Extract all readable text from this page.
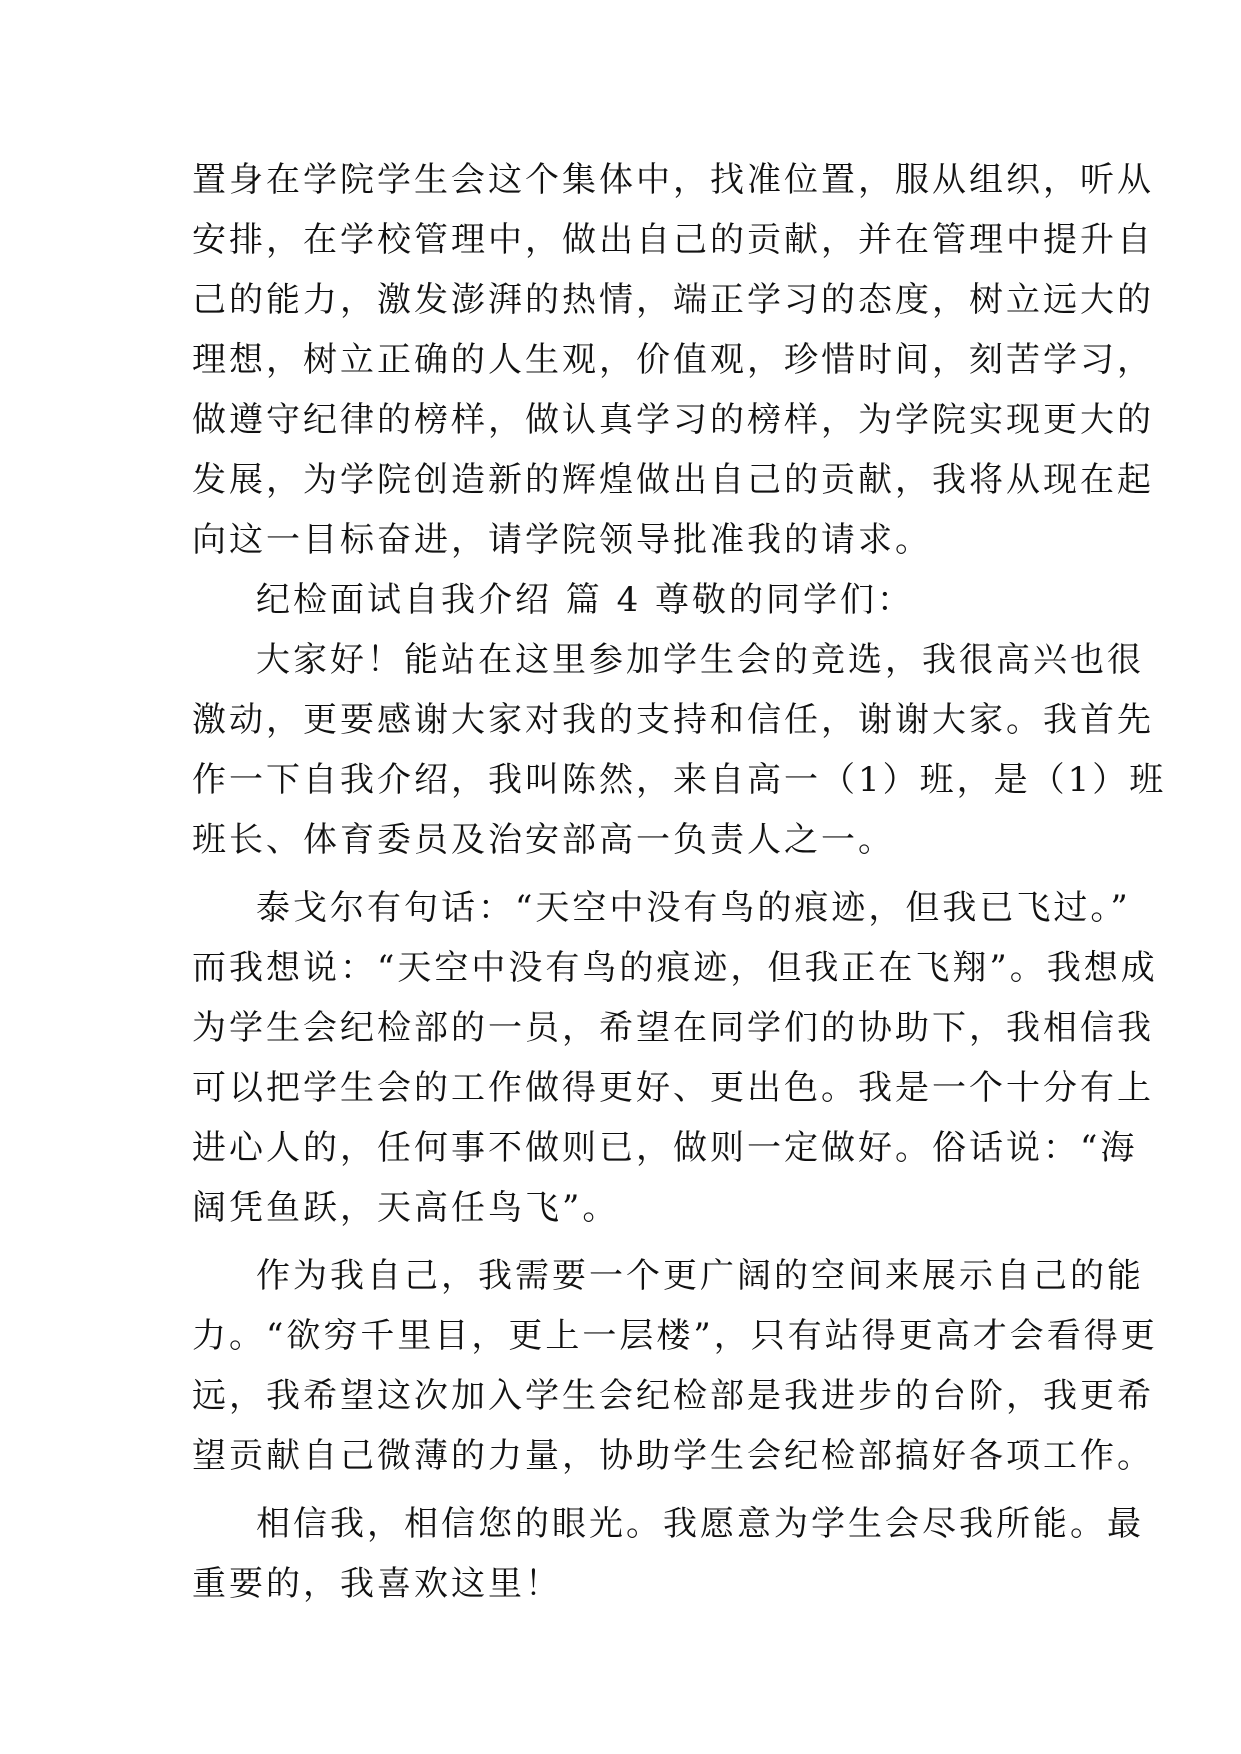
置身在学院学生会这个集体中，找准位置，服从组织，听从
安排，在学校管理中，做出自己的贡献，并在管理中提升自
己的能力，激发澎湃的热情，端正学习的态度，树立远大的
理想，树立正确的人生观，价值观，珍惜时间，刻苦学习，
做遵守纪律的榜样，做认真学习的榜样，为学院实现更大的
发展，为学院创造新的辉煌做出自己的贡献，我将从现在起
向这一目标奋进，请学院领导批准我的请求。
纪检面试自我介绍 篇 4 尊敬的同学们：
大家好！能站在这里参加学生会的竞选，我很高兴也很
激动，更要感谢大家对我的支持和信任，谢谢大家。我首先
作一下自我介绍，我叫陈然，来自高一（1）班，是（1）班
班长、体育委员及治安部高一负责人之一。
泰戈尔有句话：“天空中没有鸟的痕迹，但我已飞过。”
而我想说：“天空中没有鸟的痕迹，但我正在飞翔”。我想成
为学生会纪检部的一员，希望在同学们的协助下，我相信我
可以把学生会的工作做得更好、更出色。我是一个十分有上
进心人的，任何事不做则已，做则一定做好。俗话说：“海
阔凭鱼跃，天高任鸟飞”。
作为我自己，我需要一个更广阔的空间来展示自己的能
力。“欲穷千里目，更上一层楼”，只有站得更高才会看得更
远，我希望这次加入学生会纪检部是我进步的台阶，我更希
望贡献自己微薄的力量，协助学生会纪检部搞好各项工作。
相信我，相信您的眼光。我愿意为学生会尽我所能。最
重要的，我喜欢这里！
